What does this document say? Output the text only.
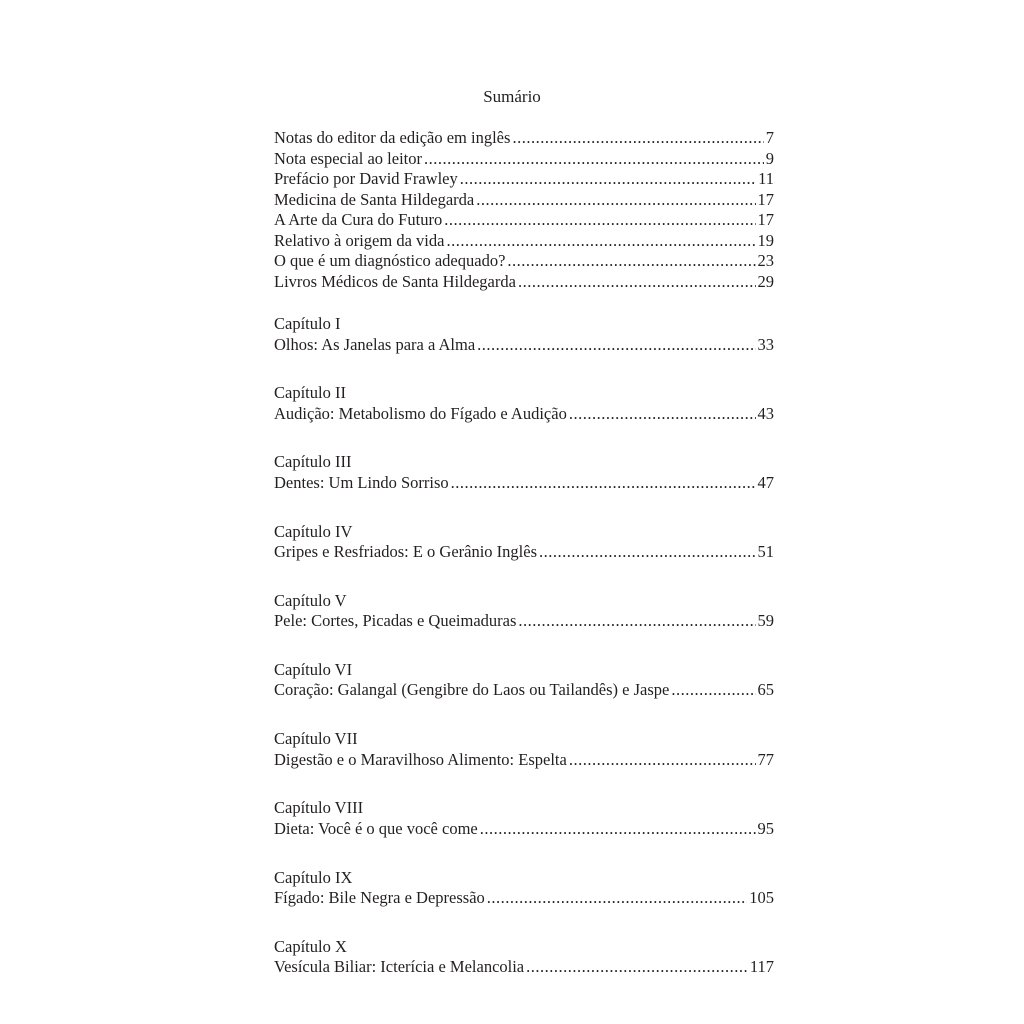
Sumário
Notas do editor da edição em inglês .....	7
Nota especial ao leitor .....	9
Prefácio por David Frawley .....	11
Medicina de Santa Hildegarda .....	17
A Arte da Cura do Futuro .....	17
Relativo à origem da vida .....	19
O que é um diagnóstico adequado? .....	23
Livros Médicos de Santa Hildegarda .....	29
Capítulo I
Olhos: As Janelas para a Alma .....	33
Capítulo II
Audição: Metabolismo do Fígado e Audição .....	43
Capítulo III
Dentes: Um Lindo Sorriso .....	47
Capítulo IV
Gripes e Resfriados: E o Gerânio Inglês .....	51
Capítulo V
Pele: Cortes, Picadas e Queimaduras .....	59
Capítulo VI
Coração: Galangal (Gengibre do Laos ou Tailandês) e Jaspe .....	65
Capítulo VII
Digestão e o Maravilhoso Alimento: Espelta .....	77
Capítulo VIII
Dieta: Você é o que você come .....	95
Capítulo IX
Fígado: Bile Negra e Depressão .....	105
Capítulo X
Vesícula Biliar: Icterícia e Melancolia .....	117
